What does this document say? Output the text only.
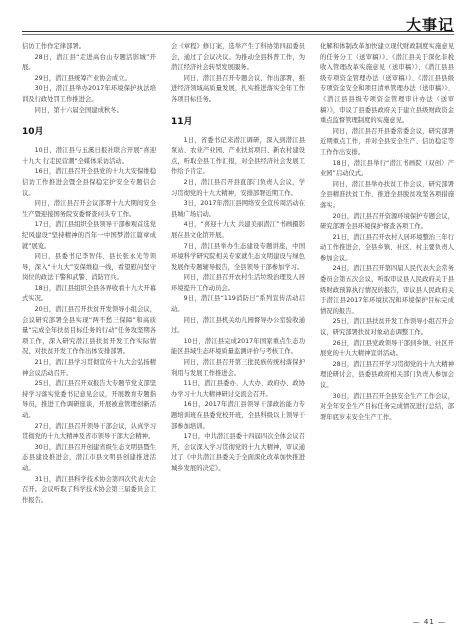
大事记

信访工作作定律部署。

28日，潜江县“走进高台山专题活影城”开展。

29日，潜江县统筹产业协会成立。

30日，潜江县举办2017年环境保护执法培训及行政处罚工作推进会。

同日，第十六届全国建成秋冬。

10月

10日，潜江县与玉溪日报社联合开展“喜迎十九大 行走民营潮”全媒体采访活动。

16日，潜江县召开全县党的十九大安保维稳信访工作推进会暨全县保稳定护安全专题信会议。

同日，潜江县召开会议部署十九大期间安全生产暨迎接国务院安委督查问头专工作。

17日，潜江县组织全县领导干部参观首选党纪风建设“坚持精神的百年一中国梦潜江篇章成就”展览。

同日，县委书记李智伟、县长张永光等领导，深入“十九大”安保维稳一线，看望慰问坚守岗位的政法干警和武警、消防官兵。

18日，潜江县组织全县各界收看十九大开幕式实况。

20日，潜江县召开扶贫开发领导小组会议，会议研究部署全县实现“两不愁三保障”和高质量“完成全年扶贫目标任务的行动”任务攻坚期各项工作，深入研究潜江县扶贫开发工作实际情况，对扶贫开发工作作出体安排部署。

21日，潜江县学习贯彻宣传十九大会弘扬精神会议活动召开。

25日，潜江县召开双报告大专题节党支部坚持学习落实党委书记意见会议，开展教育专题指导员，推进工作调研座谈，开展被意管理创新活动。

27日，潜江县召开领导干部会议，认真学习贯彻党的十九大精神及省市领导干部大会精神。

30日，潜江县召开创建省级生态文明县暨生态县建设推进会，潜江市县文明县创建推进活动。

31日，潜江县科学技术协会第四次代表大会召开。会议听取了科学技术协会第三届委员会工作报告。

会《章程》修订案，选举产生了科协第四届委员会，通过了会议决议。为推动全县科普工作，为潜江经济社会转型发展服务。

同日，潜江县召开专题会议、作出部署，推进经济领域高质量发展，扎实推进落实全年工作各项目标任务。

11月

1日，省委书记来潜江调研，深入到潜江县泵站、农业产业园、产业扶贫项目、新农村建设点，听取全县工作汇报，对全县经济社会发展工作给予肯定。

2日，潜江县召开县直部门负责人会议，学习贯彻党的十九大精神，安排部署近期工作。

3日，2017年潜江县网络安全宣传周活动在县城广场启动。

4日，“喜迎十九大 共建美丽潜江”书画摄影展在县文化馆开展。

7日，潜江县举办生态建设专题讲座，中国环境科学研究院相关专家就生态文明建设与绿色发展作专题辅导报告，全县领导干部参加学习。

同日，潜江县召开农村生活垃圾治理及人居环境提升工作动员会。

9日，潜江县“119消防日”系列宣传活动启动。

同日，潜江县机关幼儿园督导办公室验收通过。

10日，潜江县完成2017年国家重点生态功能区县域生态环境质量监测评价与考核工作。

同日，潜江县召开第三批民族传统村落保护利用与发展工作推进会。

11日，潜江县委办、人大办、政府办、政协办学习十九大精神研讨交流会召开。

16日，2017年潜江县领导干部政治能力专题培训班在县委党校开班，全县科级以上领导干部参加培训。

17日，中共潜江县委十四届四次全体会议召开，会议深入学习贯彻党的十九大精神，审议通过了《中共潜江县委关于全面深化改革加快推进城乡发展的决定》。

化解和体制改革加快建立现代财政制度实施意见的任务分工（送审稿）》、《潜江县关于深化非税收入管理改革实施意见（送审稿）》、《潜江县县级专项资金管理办法（送审稿）》、《潜江县县级专项资金安全和项目清单管理办法（送审稿）》、《潜江县县级专项资金管理审计办法（送审稿）》，审议了县委县政府关于建立县级财政资金重点监督管理制度的实施意见。

同日，潜江县召开县委常委会议，研究部署近期重点工作，并对全县安全生产、信访稳定等工作作出安排。

18日，潜江县举行“潜江书画院（双创）产业园”启动仪式。

同日，潜江县举办扶贫工作会议，研究部署全县精准扶贫工作，推进全县脱贫攻坚各项措施落实。

20日，潜江县召开资源环境保护专题会议，研究部署全县环境保护督查各项工作。

21日，潜江县召开农村人居环境整治三年行动工作推进会，全县乡镇、社区、村主要负责人参加会议。

24日，潜江县召开第四届人民代表大会常务委员会第五次会议，听取审议县人民政府关于县级财政预算执行情况的报告，审议县人民政府关于潜江县2017年环境状况和环境保护目标完成情况的报告。

25日，潜江县扶贫开发工作领导小组召开会议，研究部署扶贫对象动态调整工作。

26日，潜江县党政领导干部到乡镇、社区开展党的十九大精神宣讲活动。

28日，潜江县召开学习贯彻党的十九大精神理论研讨会，县委县政府相关部门负责人参加会议。

30日，潜江县召开全县安全生产工作会议，对全年安全生产目标任务完成情况进行总结，部署年底岁末安全生产工作。

— 41 —
